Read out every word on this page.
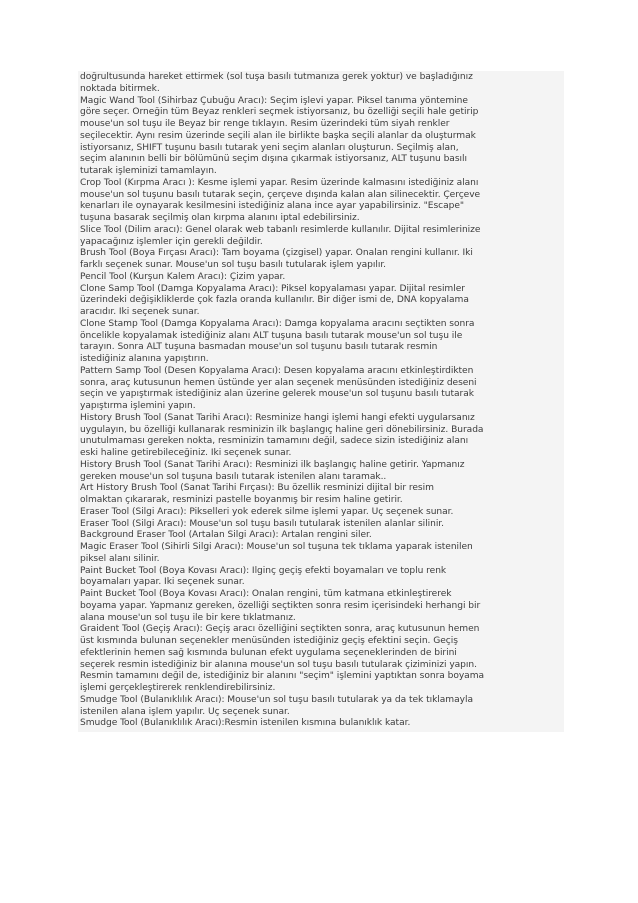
doğrultusunda hareket ettirmek (sol tuşa basılı tutmanıza gerek yoktur) ve başladığınız
noktada bitirmek.
Magic Wand Tool (Sihirbaz Çubuğu Aracı): Seçim işlevi yapar. Piksel tanıma yöntemine
göre seçer. Örneğin tüm Beyaz renkleri seçmek istiyorsanız, bu özelliği seçili hale getirip
mouse'un sol tuşu ile Beyaz bir renge tıklayın. Resim üzerindeki tüm siyah renkler
seçilecektir. Aynı resim üzerinde seçili alan ile birlikte başka seçili alanlar da oluşturmak
istiyorsanız, SHİFT tuşunu basılı tutarak yeni seçim alanları oluşturun. Seçilmiş alan,
seçim alanının belli bir bölümünü seçim dışına çıkarmak istiyorsanız, ALT tuşunu basılı
tutarak işleminizi tamamlayın.
Crop Tool (Kırpma Aracı ): Kesme işlemi yapar. Resim üzerinde kalmasını istediğiniz alanı
mouse'un sol tuşunu basılı tutarak seçin, çerçeve dışında kalan alan silinecektir. Çerçeve
kenarları ile oynayarak kesilmesini istediğiniz alana ince ayar yapabilirsiniz. "Escape"
tuşuna basarak seçilmiş olan kırpma alanını iptal edebilirsiniz.
Slice Tool (Dilim aracı): Genel olarak web tabanlı resimlerde kullanılır. Dijital resimlerinize
yapacağınız işlemler için gerekli değildir.
Brush Tool (Boya Fırçası Aracı): Tam boyama (çizgisel) yapar. Önalan rengini kullanır. İki
farklı seçenek sunar. Mouse'un sol tuşu basılı tutularak işlem yapılır.
Pencil Tool (Kurşun Kalem Aracı): Çizim yapar.
Clone Samp Tool (Damga Kopyalama Aracı): Piksel kopyalaması yapar. Dijital resimler
üzerindeki değişikliklerde çok fazla oranda kullanılır. Bir diğer ismi de, DNA kopyalama
aracıdır. İki seçenek sunar.
Clone Stamp Tool (Damga Kopyalama Aracı): Damga kopyalama aracını seçtikten sonra
öncelikle kopyalamak istediğiniz alanı ALT tuşuna basılı tutarak mouse'un sol tuşu ile
tarayın. Sonra ALT tuşuna basmadan mouse'un sol tuşunu basılı tutarak resmin
istediğiniz alanına yapıştırın.
Pattern Samp Tool (Desen Kopyalama Aracı): Desen kopyalama aracını etkinleştirdikten
sonra, araç kutusunun hemen üstünde yer alan seçenek menüsünden istediğiniz deseni
seçin ve yapıştırmak istediğiniz alan üzerine gelerek mouse'un sol tuşunu basılı tutarak
yapıştırma işlemini yapın.
History Brush Tool (Sanat Tarihi Aracı): Resminize hangi işlemi hangi efekti uygularsanız
uygulayın, bu özelliği kullanarak resminizin ilk başlangıç haline geri dönebilirsiniz. Burada
unutulmaması gereken nokta, resminizin tamamını değil, sadece sizin istediğiniz alanı
eski haline getirebileceğiniz. İki seçenek sunar.
History Brush Tool (Sanat Tarihi Aracı): Resminizi ilk başlangıç haline getirir. Yapmanız
gereken mouse'un sol tuşuna basılı tutarak istenilen alanı taramak..
Art History Brush Tool (Sanat Tarihi Fırçası): Bu özellik resminizi dijital bir resim
olmaktan çıkararak, resminizi pastelle boyanmış bir resim haline getirir.
Eraser Tool (Silgi Aracı): Pikselleri yok ederek silme işlemi yapar. Üç seçenek sunar.
Eraser Tool (Silgi Aracı): Mouse'un sol tuşu basılı tutularak istenilen alanlar silinir.
Background Eraser Tool (Artalan Silgi Aracı): Artalan rengini siler.
Magic Eraser Tool (Sihirli Silgi Aracı): Mouse'un sol tuşuna tek tıklama yaparak istenilen
piksel alanı silinir.
Paint Bucket Tool (Boya Kovası Aracı): İlginç geçiş efekti boyamaları ve toplu renk
boyamaları yapar. İki seçenek sunar.
Paint Bucket Tool (Boya Kovası Aracı): Önalan rengini, tüm katmana etkinleştirerek
boyama yapar. Yapmanız gereken, özelliği seçtikten sonra resim içerisindeki herhangi bir
alana mouse'un sol tuşu ile bir kere tıklatmanız.
Graident Tool (Geçiş Aracı): Geçiş aracı özelliğini seçtikten sonra, araç kutusunun hemen
üst kısmında bulunan seçenekler menüsünden istediğiniz geçiş efektini seçin. Geçiş
efektlerinin hemen sağ kısmında bulunan efekt uygulama seçeneklerinden de birini
seçerek resmin istediğiniz bir alanına mouse'un sol tuşu basılı tutularak çiziminizi yapın.
Resmin tamamını değil de, istediğiniz bir alanını "seçim" işlemini yaptıktan sonra boyama
işlemi gerçekleştirerek renklendirebilirsiniz.
Smudge Tool (Bulanıklılık Aracı): Mouse'un sol tuşu basılı tutularak ya da tek tıklamayla
istenilen alana işlem yapılır. Üç seçenek sunar.
Smudge Tool (Bulanıklılık Aracı):Resmin istenilen kısmına bulanıklık katar.
